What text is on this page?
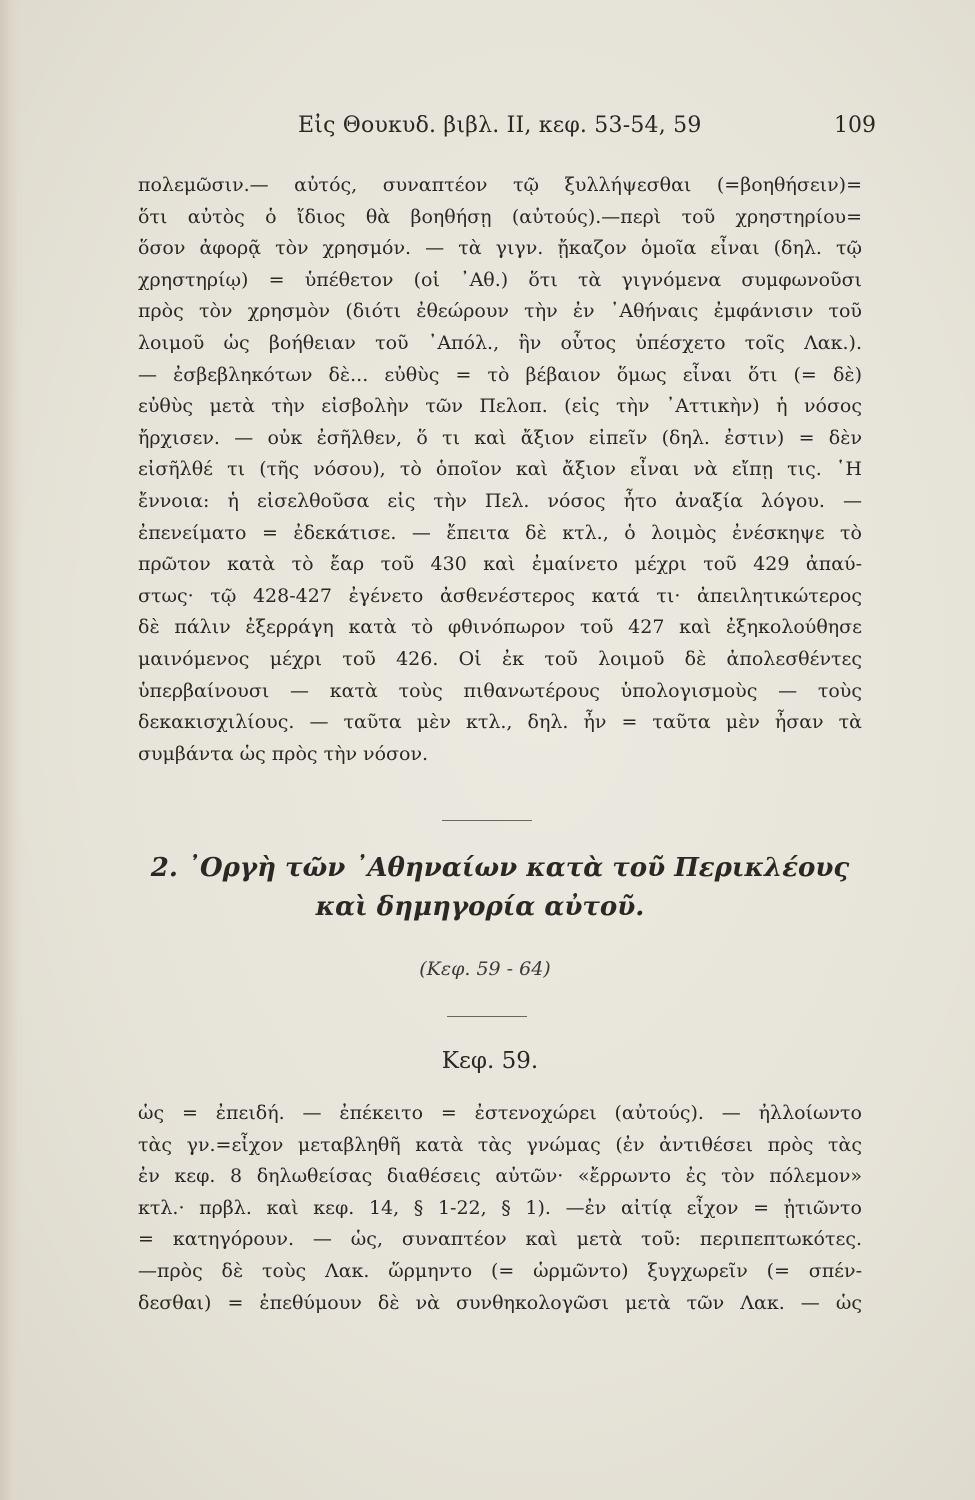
Εἰς Θουκυδ. βιβλ. ΙΙ, κεφ. 53-54, 59	109
πολεμῶσιν.— αὐτός, συναπτέον τῷ ξυλλήψεσθαι (=βοηθήσειν)=
ὅτι αὐτὸς ὁ ἴδιος θὰ βοηθήσῃ (αὐτούς).—περὶ τοῦ χρηστηρίου=
ὅσον ἀφορᾷ τὸν χρησμόν. — τὰ γιγν. ᾔκαζον ὁμοῖα εἶναι (δηλ. τῷ
χρηστηρίῳ) = ὑπέθετον (οἱ ᾿Αθ.) ὅτι τὰ γιγνόμενα συμφωνοῦσι
πρὸς τὸν χρησμὸν (διότι ἐθεώρουν τὴν ἐν ᾿Αθήναις ἐμφάνισιν τοῦ
λοιμοῦ ὡς βοήθειαν τοῦ ᾿Απόλ., ἣν οὗτος ὑπέσχετο τοῖς Λακ.).
— ἐσβεβληκότων δὲ... εὐθὺς = τὸ βέβαιον ὅμως εἶναι ὅτι (= δὲ)
εὐθὺς μετὰ τὴν εἰσβολὴν τῶν Πελοπ. (εἰς τὴν ᾿Αττικὴν) ἡ νόσος
ἤρχισεν. — οὐκ ἐσῆλθεν, ὅ τι καὶ ἄξιον εἰπεῖν (δηλ. ἐστιν) = δὲν
εἰσῆλθέ τι (τῆς νόσου), τὸ ὁποῖον καὶ ἄξιον εἶναι νὰ εἴπῃ τις. ῾Η
ἔννοια: ἡ εἰσελθοῦσα εἰς τὴν Πελ. νόσος ἦτο ἀναξία λόγου. —
ἐπενείματο = ἐδεκάτισε. — ἔπειτα δὲ κτλ., ὁ λοιμὸς ἐνέσκηψε τὸ
πρῶτον κατὰ τὸ ἔαρ τοῦ 430 καὶ ἐμαίνετο μέχρι τοῦ 429 ἀπαύ-
στως· τῷ 428-427 ἐγένετο ἀσθενέστερος κατά τι· ἀπειλητικώτερος
δὲ πάλιν ἐξερράγη κατὰ τὸ φθινόπωρον τοῦ 427 καὶ ἐξηκολούθησε
μαινόμενος μέχρι τοῦ 426. Οἱ ἐκ τοῦ λοιμοῦ δὲ ἀπολεσθέντες
ὑπερβαίνουσι — κατὰ τοὺς πιθανωτέρους ὑπολογισμοὺς — τοὺς
δεκακισχιλίους. — ταῦτα μὲν κτλ., δηλ. ἦν = ταῦτα μὲν ἦσαν τὰ
συμβάντα ὡς πρὸς τὴν νόσον.
2. ᾿Οργὴ τῶν ᾿Αθηναίων κατὰ τοῦ Περικλέους
καὶ δημηγορία αὐτοῦ.
(Κεφ. 59 - 64)
Κεφ. 59.
ὡς = ἐπειδή. — ἐπέκειτο = ἐστενοχώρει (αὐτούς). — ἠλλοίωντο
τὰς γν.=εἶχον μεταβληθῆ κατὰ τὰς γνώμας (ἐν ἀντιθέσει πρὸς τὰς
ἐν κεφ. 8 δηλωθείσας διαθέσεις αὐτῶν· «ἔρρωντο ἐς τὸν πόλεμον»
κτλ.· πρβλ. καὶ κεφ. 14, § 1-22, § 1). —ἐν αἰτίᾳ εἶχον = ᾐτιῶντο
= κατηγόρουν. — ὡς, συναπτέον καὶ μετὰ τοῦ: περιπεπτωκότες.
—πρὸς δὲ τοὺς Λακ. ὥρμηντο (= ὡρμῶντο) ξυγχωρεῖν (= σπέν-
δεσθαι) = ἐπεθύμουν δὲ νὰ συνθηκολογῶσι μετὰ τῶν Λακ. — ὡς
